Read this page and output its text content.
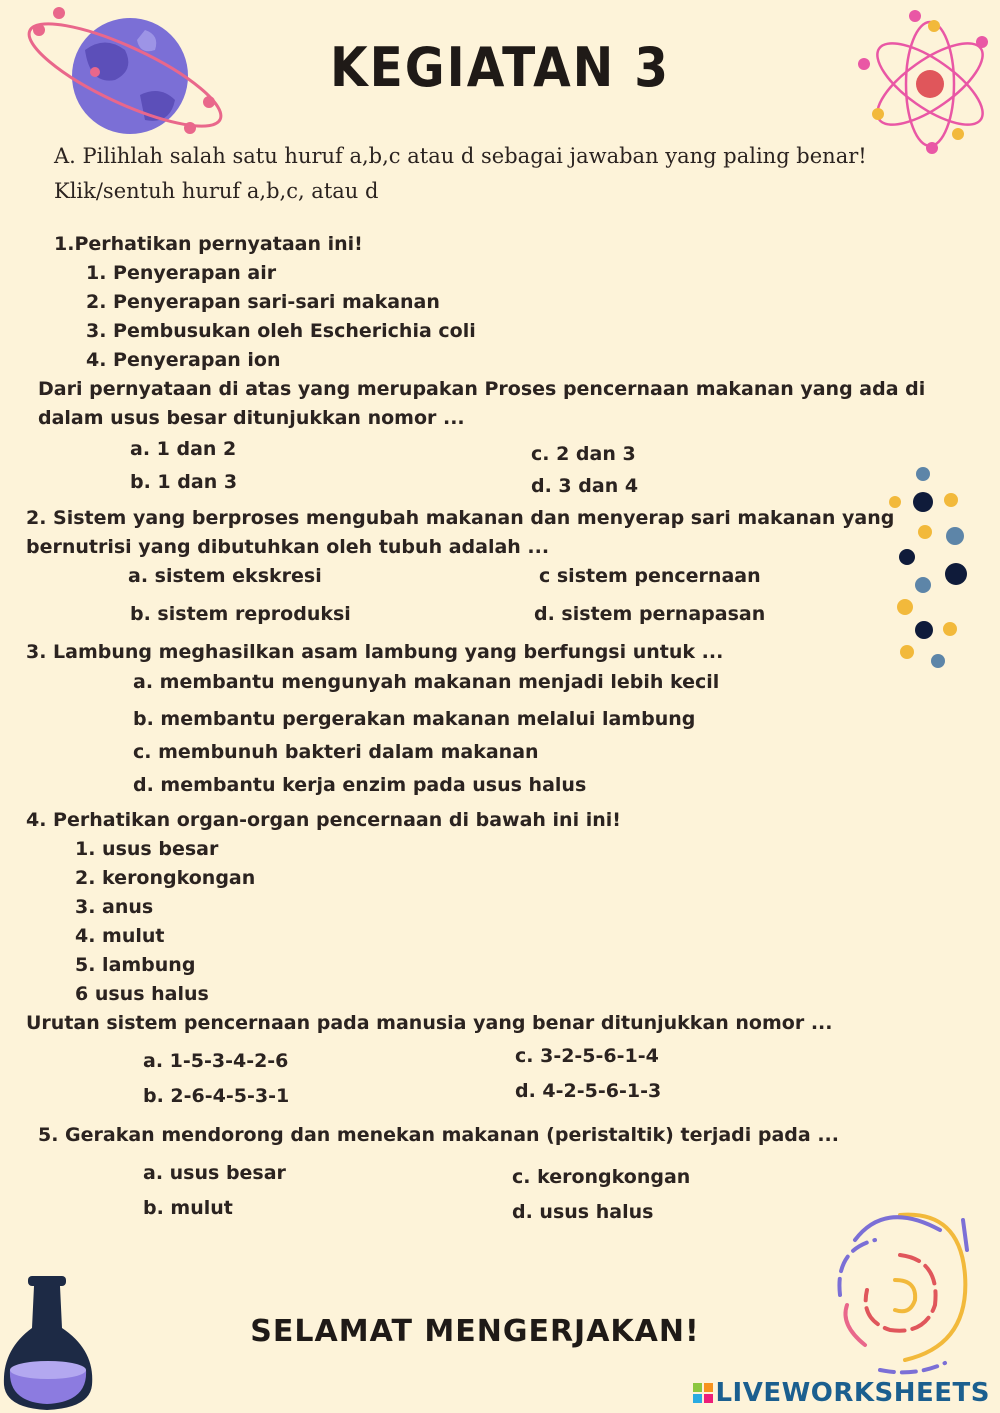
KEGIATAN 3
A. Pilihlah salah satu huruf a,b,c atau d sebagai jawaban yang paling benar!
Klik/sentuh huruf a,b,c, atau d
1.Perhatikan pernyataan ini!
1. Penyerapan air
2. Penyerapan sari-sari makanan
3. Pembusukan oleh Escherichia coli
4. Penyerapan ion
Dari pernyataan di atas yang merupakan Proses pencernaan makanan yang ada di
dalam usus besar ditunjukkan nomor ...
a. 1 dan 2
b. 1 dan 3
c. 2 dan 3
d. 3 dan 4
2. Sistem yang berproses mengubah makanan dan menyerap sari makanan yang
bernutrisi yang dibutuhkan oleh tubuh adalah ...
a. sistem ekskresi
b. sistem reproduksi
c sistem pencernaan
d. sistem pernapasan
3. Lambung meghasilkan asam lambung yang berfungsi untuk ...
a. membantu mengunyah makanan menjadi lebih kecil
b. membantu pergerakan makanan melalui lambung
c. membunuh bakteri dalam makanan
d. membantu kerja enzim pada usus halus
4. Perhatikan organ-organ pencernaan di bawah ini ini!
1. usus besar
2. kerongkongan
3. anus
4. mulut
5. lambung
6 usus halus
Urutan sistem pencernaan pada manusia yang benar ditunjukkan nomor ...
a. 1-5-3-4-2-6
b. 2-6-4-5-3-1
c. 3-2-5-6-1-4
d. 4-2-5-6-1-3
5. Gerakan mendorong dan menekan makanan (peristaltik) terjadi pada ...
a. usus besar
b. mulut
c. kerongkongan
d. usus halus
SELAMAT MENGERJAKAN!
LIVEWORKSHEETS
